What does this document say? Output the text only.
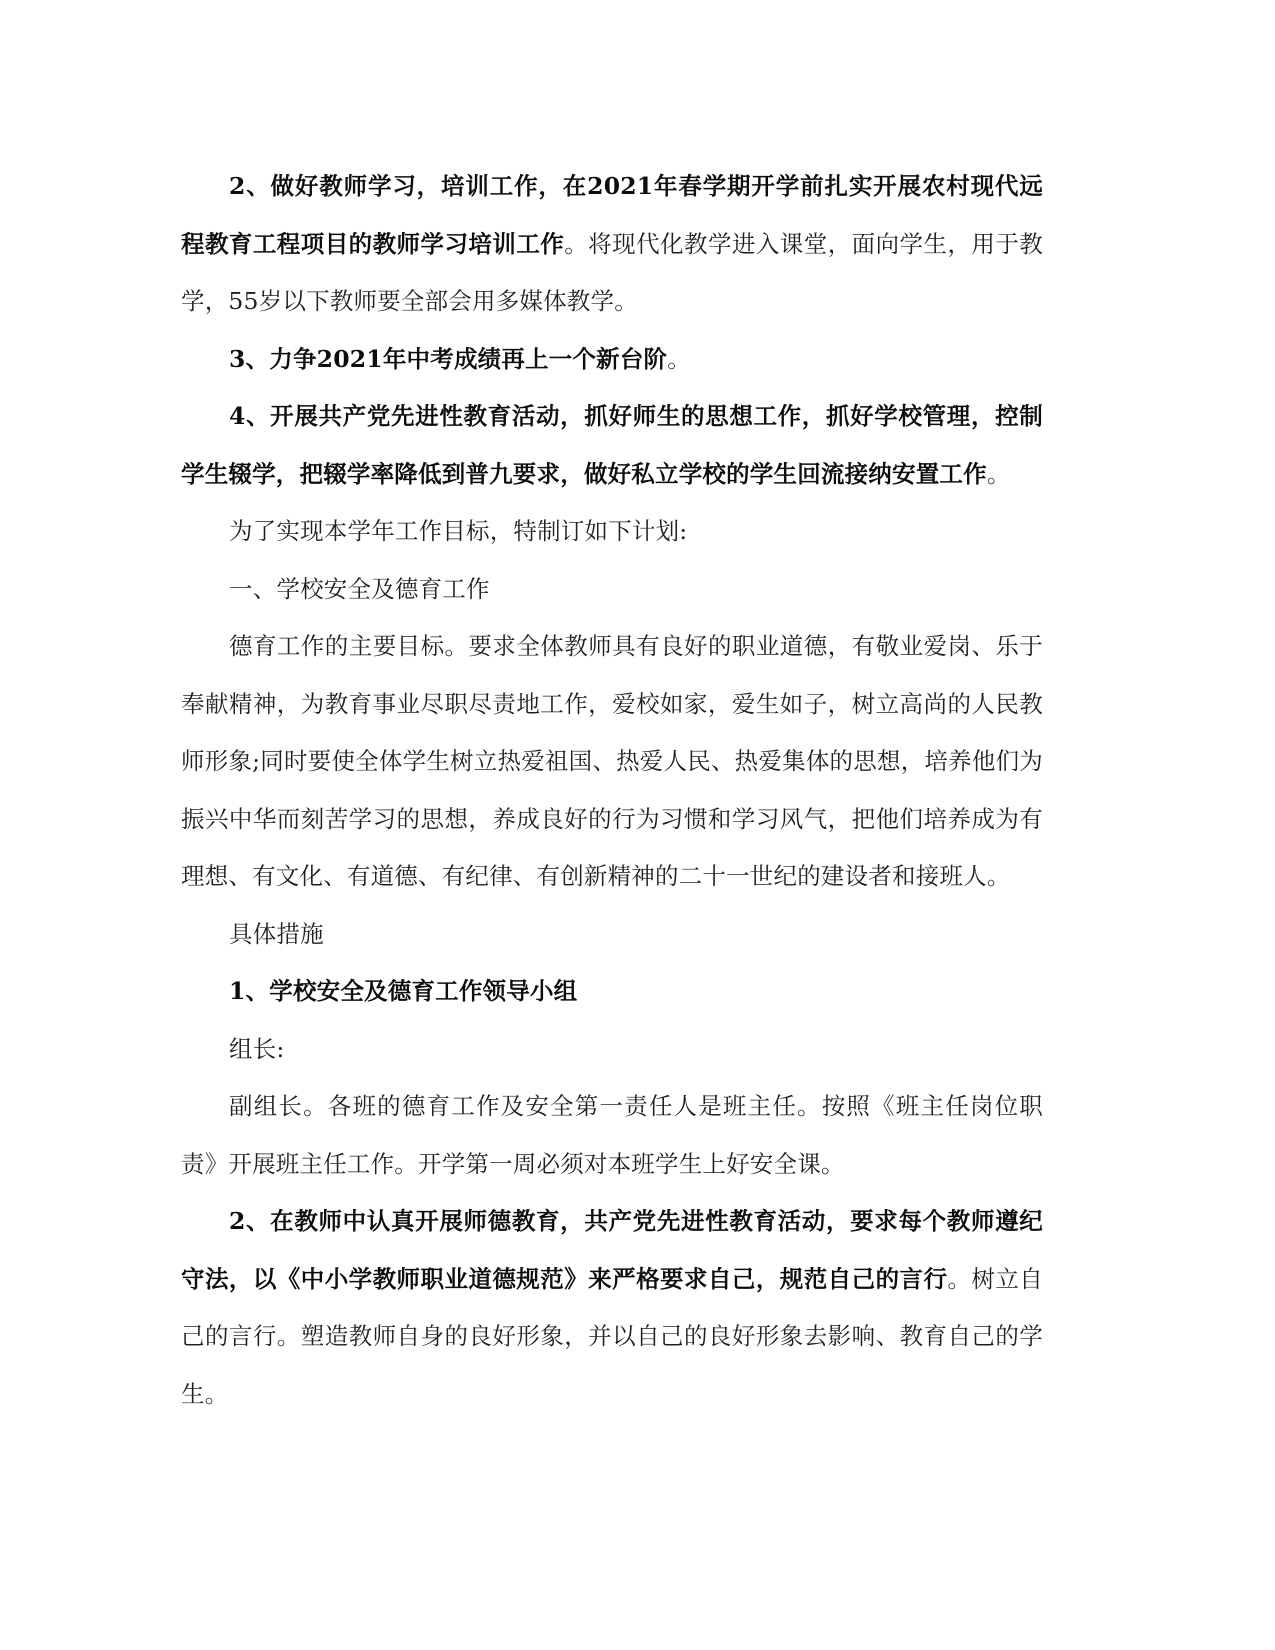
2、做好教师学习，培训工作，在2021年春学期开学前扎实开展农村现代远程教育工程项目的教师学习培训工作。将现代化教学进入课堂，面向学生，用于教学，55岁以下教师要全部会用多媒体教学。

3、力争2021年中考成绩再上一个新台阶。

4、开展共产党先进性教育活动，抓好师生的思想工作，抓好学校管理，控制学生辍学，把辍学率降低到普九要求，做好私立学校的学生回流接纳安置工作。

为了实现本学年工作目标，特制订如下计划:

一、学校安全及德育工作

德育工作的主要目标。要求全体教师具有良好的职业道德，有敬业爱岗、乐于奉献精神，为教育事业尽职尽责地工作，爱校如家，爱生如子，树立高尚的人民教师形象;同时要使全体学生树立热爱祖国、热爱人民、热爱集体的思想，培养他们为振兴中华而刻苦学习的思想，养成良好的行为习惯和学习风气，把他们培养成为有理想、有文化、有道德、有纪律、有创新精神的二十一世纪的建设者和接班人。

具体措施

1、学校安全及德育工作领导小组

组长:

副组长。各班的德育工作及安全第一责任人是班主任。按照《班主任岗位职责》开展班主任工作。开学第一周必须对本班学生上好安全课。

2、在教师中认真开展师德教育，共产党先进性教育活动，要求每个教师遵纪守法，以《中小学教师职业道德规范》来严格要求自己，规范自己的言行。树立自己的言行。塑造教师自身的良好形象，并以自己的良好形象去影响、教育自己的学生。
